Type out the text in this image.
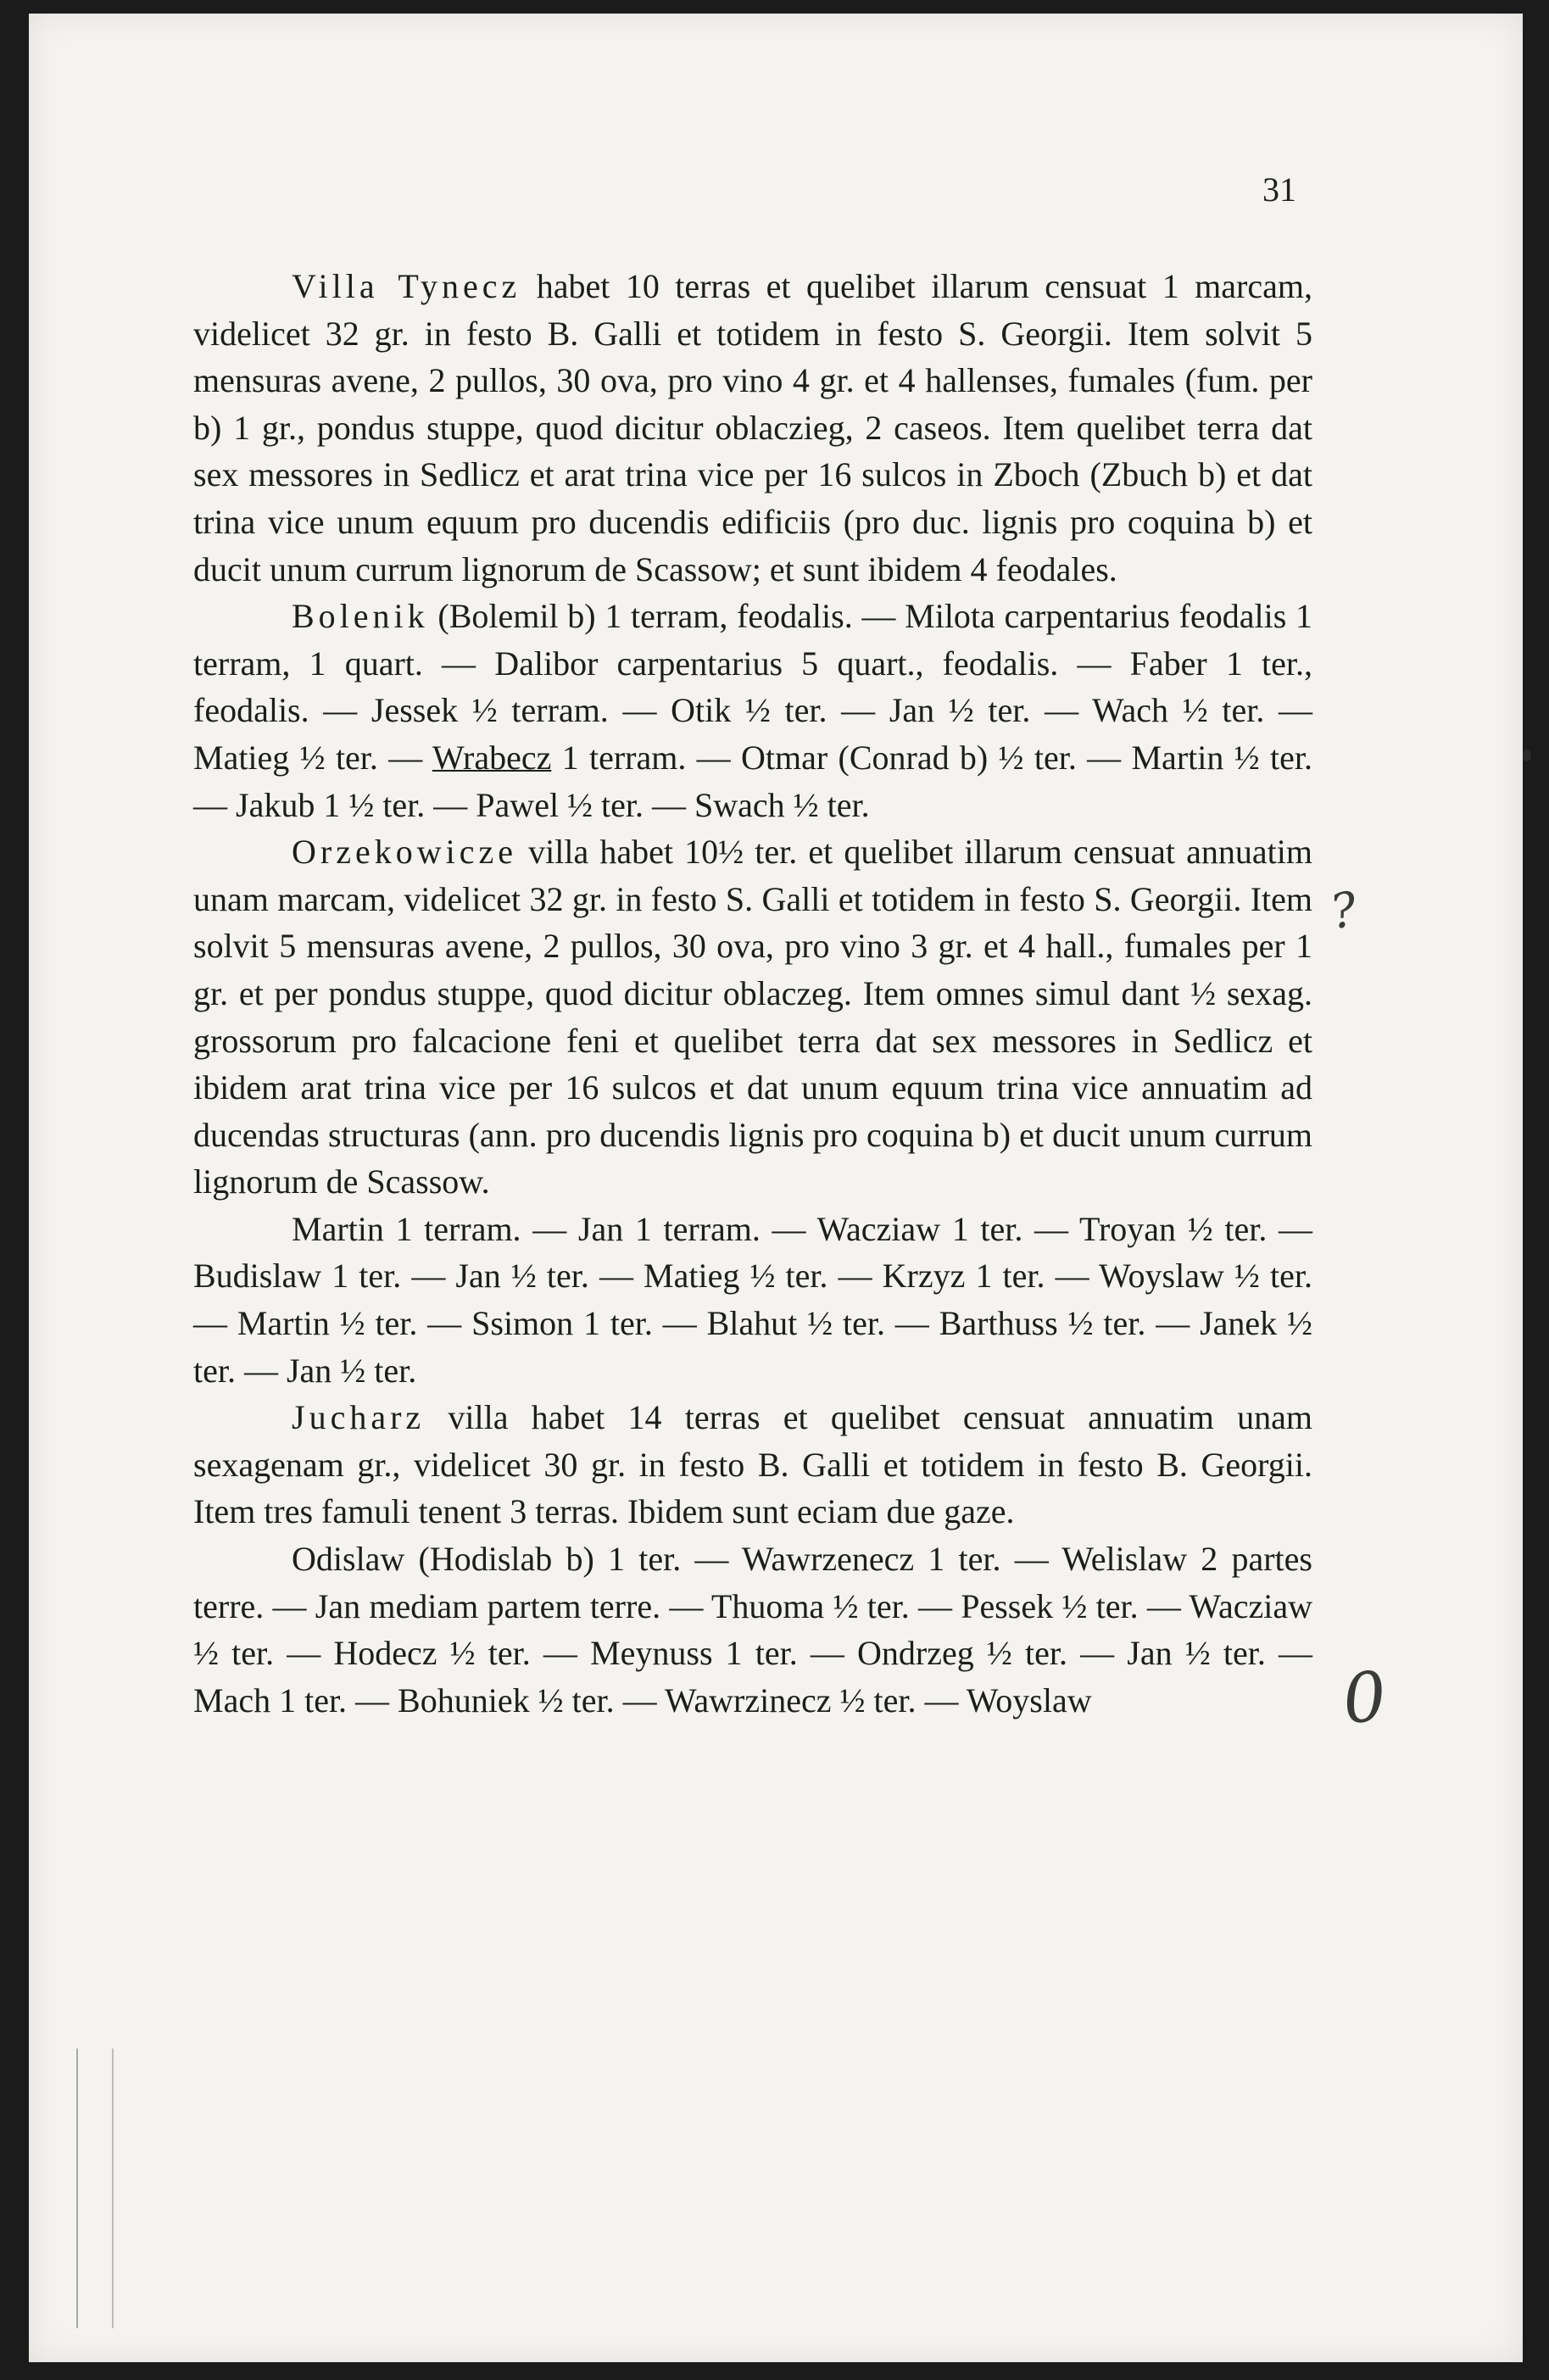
31

Villa Tynecz habet 10 terras et quelibet illarum censuat 1 marcam, videlicet 32 gr. in festo B. Galli et totidem in festo S. Georgii. Item solvit 5 mensuras avene, 2 pullos, 30 ova, pro vino 4 gr. et 4 hallenses, fumales (fum. per b) 1 gr., pondus stuppe, quod dicitur oblaczieg, 2 caseos. Item quelibet terra dat sex messores in Sedlicz et arat trina vice per 16 sulcos in Zboch (Zbuch b) et dat trina vice unum equum pro ducendis edificiis (pro duc. lignis pro coquina b) et ducit unum currum lignorum de Scassow; et sunt ibidem 4 feodales.

Bolenik (Bolemil b) 1 terram, feodalis. — Milota carpentarius feodalis 1 terram, 1 quart. — Dalibor carpentarius 5 quart., feodalis. — Faber 1 ter., feodalis. — Jessek ½ terram. — Otik ½ ter. — Jan ½ ter. — Wach ½ ter. — Matieg ½ ter. — Wrabecz 1 terram. — Otmar (Conrad b) ½ ter. — Martin ½ ter. — Jakub 1 ½ ter. — Pawel ½ ter. — Swach ½ ter.

Orzekowicze villa habet 10½ ter. et quelibet illarum censuat annuatim unam marcam, videlicet 32 gr. in festo S. Galli et totidem in festo S. Georgii. Item solvit 5 mensuras avene, 2 pullos, 30 ova, pro vino 3 gr. et 4 hall., fumales per 1 gr. et per pondus stuppe, quod dicitur oblaczeg. Item omnes simul dant ½ sexag. grossorum pro falcacione feni et quelibet terra dat sex messores in Sedlicz et ibidem arat trina vice per 16 sulcos et dat unum equum trina vice annuatim ad ducendas structuras (ann. pro ducendis lignis pro coquina b) et ducit unum currum lignorum de Scassow.

Martin 1 terram. — Jan 1 terram. — Wacziaw 1 ter. — Troyan ½ ter. — Budislaw 1 ter. — Jan ½ ter. — Matieg ½ ter. — Krzyz 1 ter. — Woyslaw ½ ter. — Martin ½ ter. — Ssimon 1 ter. — Blahut ½ ter. — Barthuss ½ ter. — Janek ½ ter. — Jan ½ ter.

Jucharz villa habet 14 terras et quelibet censuat annuatim unam sexagenam gr., videlicet 30 gr. in festo B. Galli et totidem in festo B. Georgii. Item tres famuli tenent 3 terras. Ibidem sunt eciam due gaze.

Odislaw (Hodislab b) 1 ter. — Wawrzenecz 1 ter. — Welislaw 2 partes terre. — Jan mediam partem terre. — Thuoma ½ ter. — Pessek ½ ter. — Wacziaw ½ ter. — Hodecz ½ ter. — Meynuss 1 ter. — Ondrzeg ½ ter. — Jan ½ ter. — Mach 1 ter. — Bohuniek ½ ter. — Wawrzinecz ½ ter. — Woyslaw

?
0
